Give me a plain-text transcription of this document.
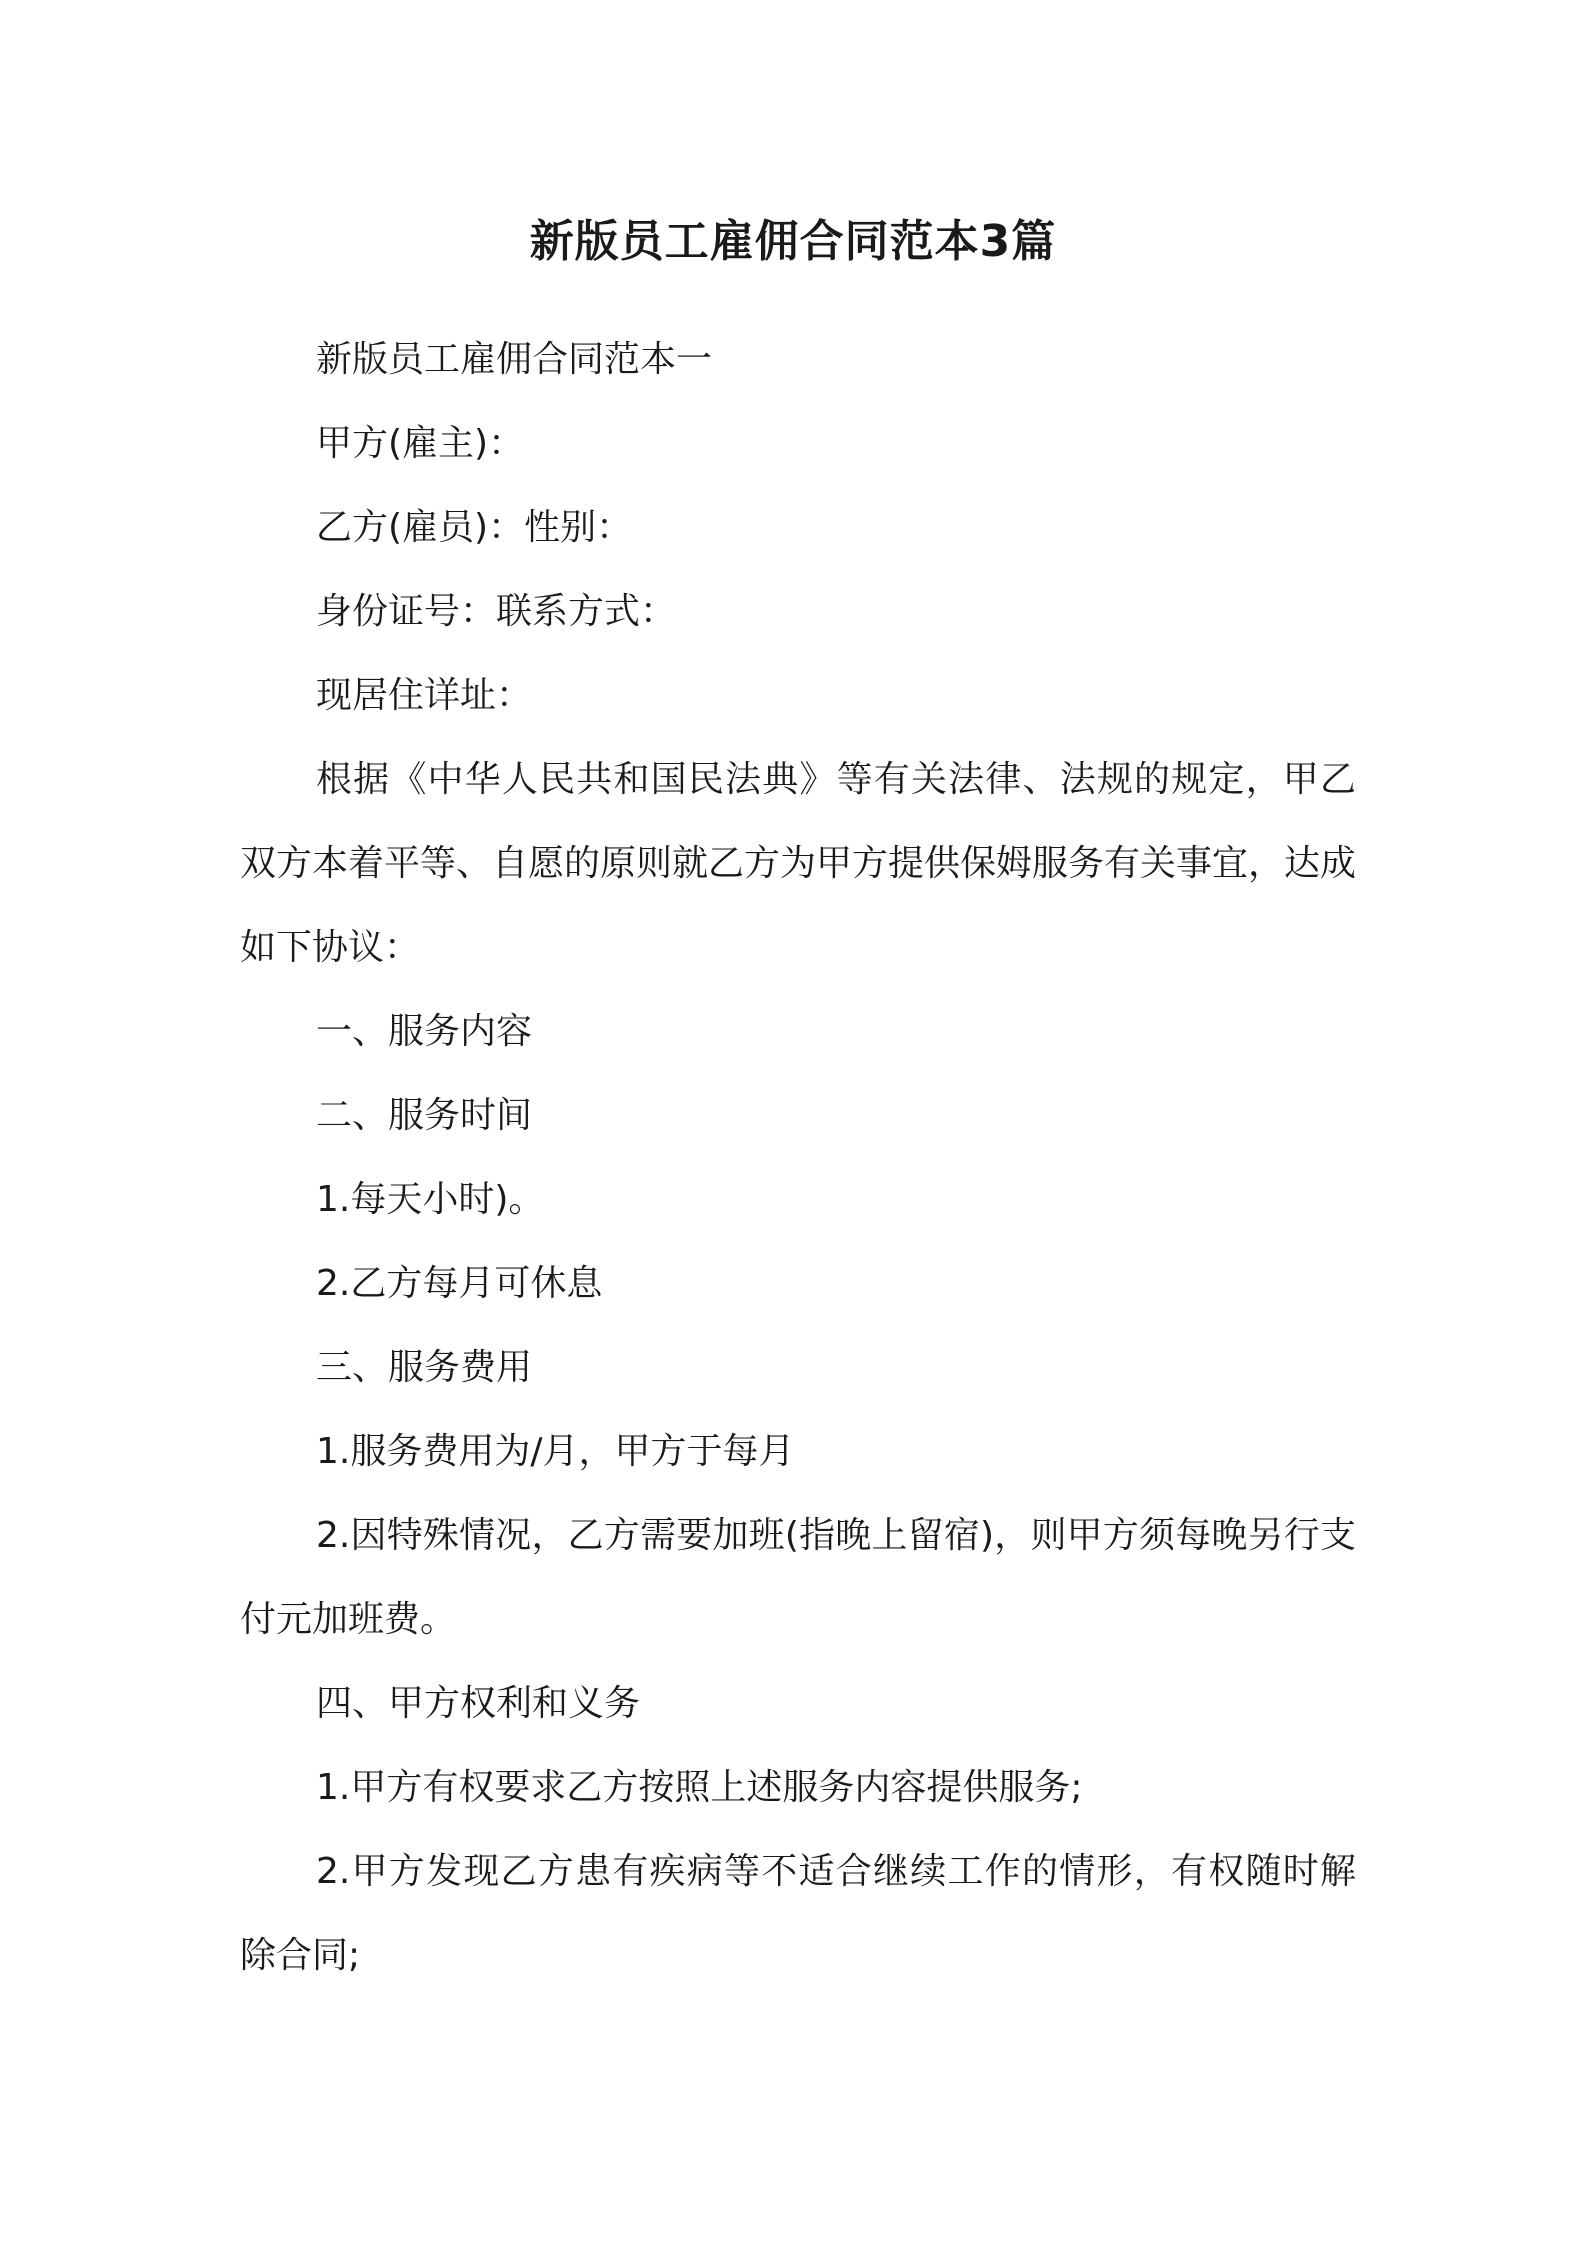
新版员工雇佣合同范本3篇

新版员工雇佣合同范本一

甲方(雇主)：

乙方(雇员)：性别：

身份证号：联系方式：

现居住详址：

根据《中华人民共和国民法典》等有关法律、法规的规定，甲乙双方本着平等、自愿的原则就乙方为甲方提供保姆服务有关事宜，达成如下协议：

一、服务内容

二、服务时间

1.每天小时)。

2.乙方每月可休息

三、服务费用

1.服务费用为/月，甲方于每月

2.因特殊情况，乙方需要加班(指晚上留宿)，则甲方须每晚另行支付元加班费。

四、甲方权利和义务

1.甲方有权要求乙方按照上述服务内容提供服务;

2.甲方发现乙方患有疾病等不适合继续工作的情形，有权随时解除合同;
